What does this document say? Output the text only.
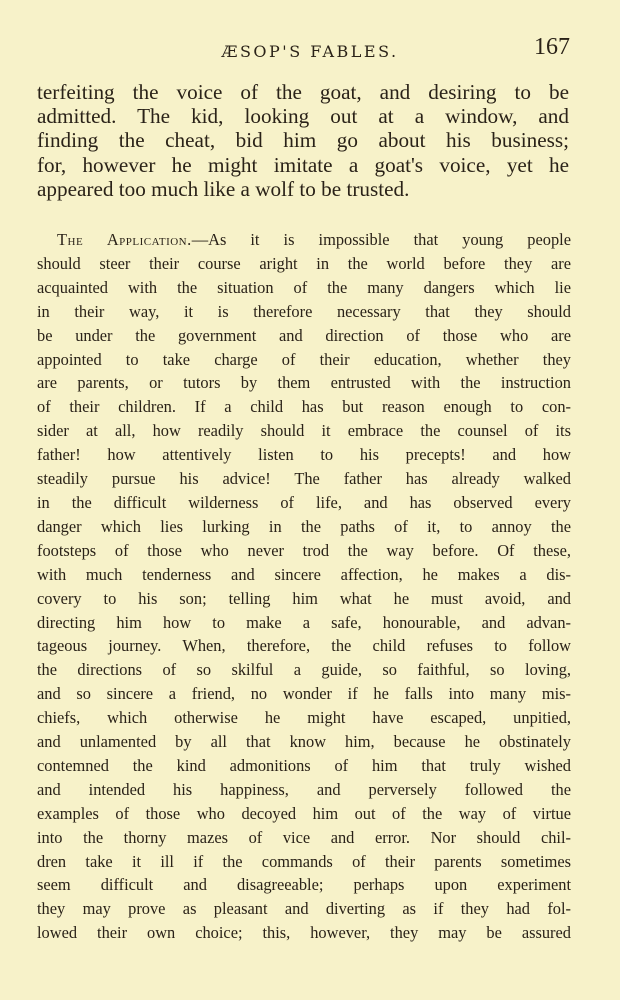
ÆSOP'S FABLES.	167
terfeiting the voice of the goat, and desiring to be
admitted. The kid, looking out at a window, and
finding the cheat, bid him go about his business;
for, however he might imitate a goat's voice, yet he
appeared too much like a wolf to be trusted.
The Application.—As it is impossible that young people
should steer their course aright in the world before they are
acquainted with the situation of the many dangers which lie
in their way, it is therefore necessary that they should
be under the government and direction of those who are
appointed to take charge of their education, whether they
are parents, or tutors by them entrusted with the instruction
of their children. If a child has but reason enough to con-
sider at all, how readily should it embrace the counsel of its
father! how attentively listen to his precepts! and how
steadily pursue his advice! The father has already walked
in the difficult wilderness of life, and has observed every
danger which lies lurking in the paths of it, to annoy the
footsteps of those who never trod the way before. Of these,
with much tenderness and sincere affection, he makes a dis-
covery to his son; telling him what he must avoid, and
directing him how to make a safe, honourable, and advan-
tageous journey. When, therefore, the child refuses to follow
the directions of so skilful a guide, so faithful, so loving,
and so sincere a friend, no wonder if he falls into many mis-
chiefs, which otherwise he might have escaped, unpitied,
and unlamented by all that know him, because he obstinately
contemned the kind admonitions of him that truly wished
and intended his happiness, and perversely followed the
examples of those who decoyed him out of the way of virtue
into the thorny mazes of vice and error. Nor should chil-
dren take it ill if the commands of their parents sometimes
seem difficult and disagreeable; perhaps upon experiment
they may prove as pleasant and diverting as if they had fol-
lowed their own choice; this, however, they may be assured
